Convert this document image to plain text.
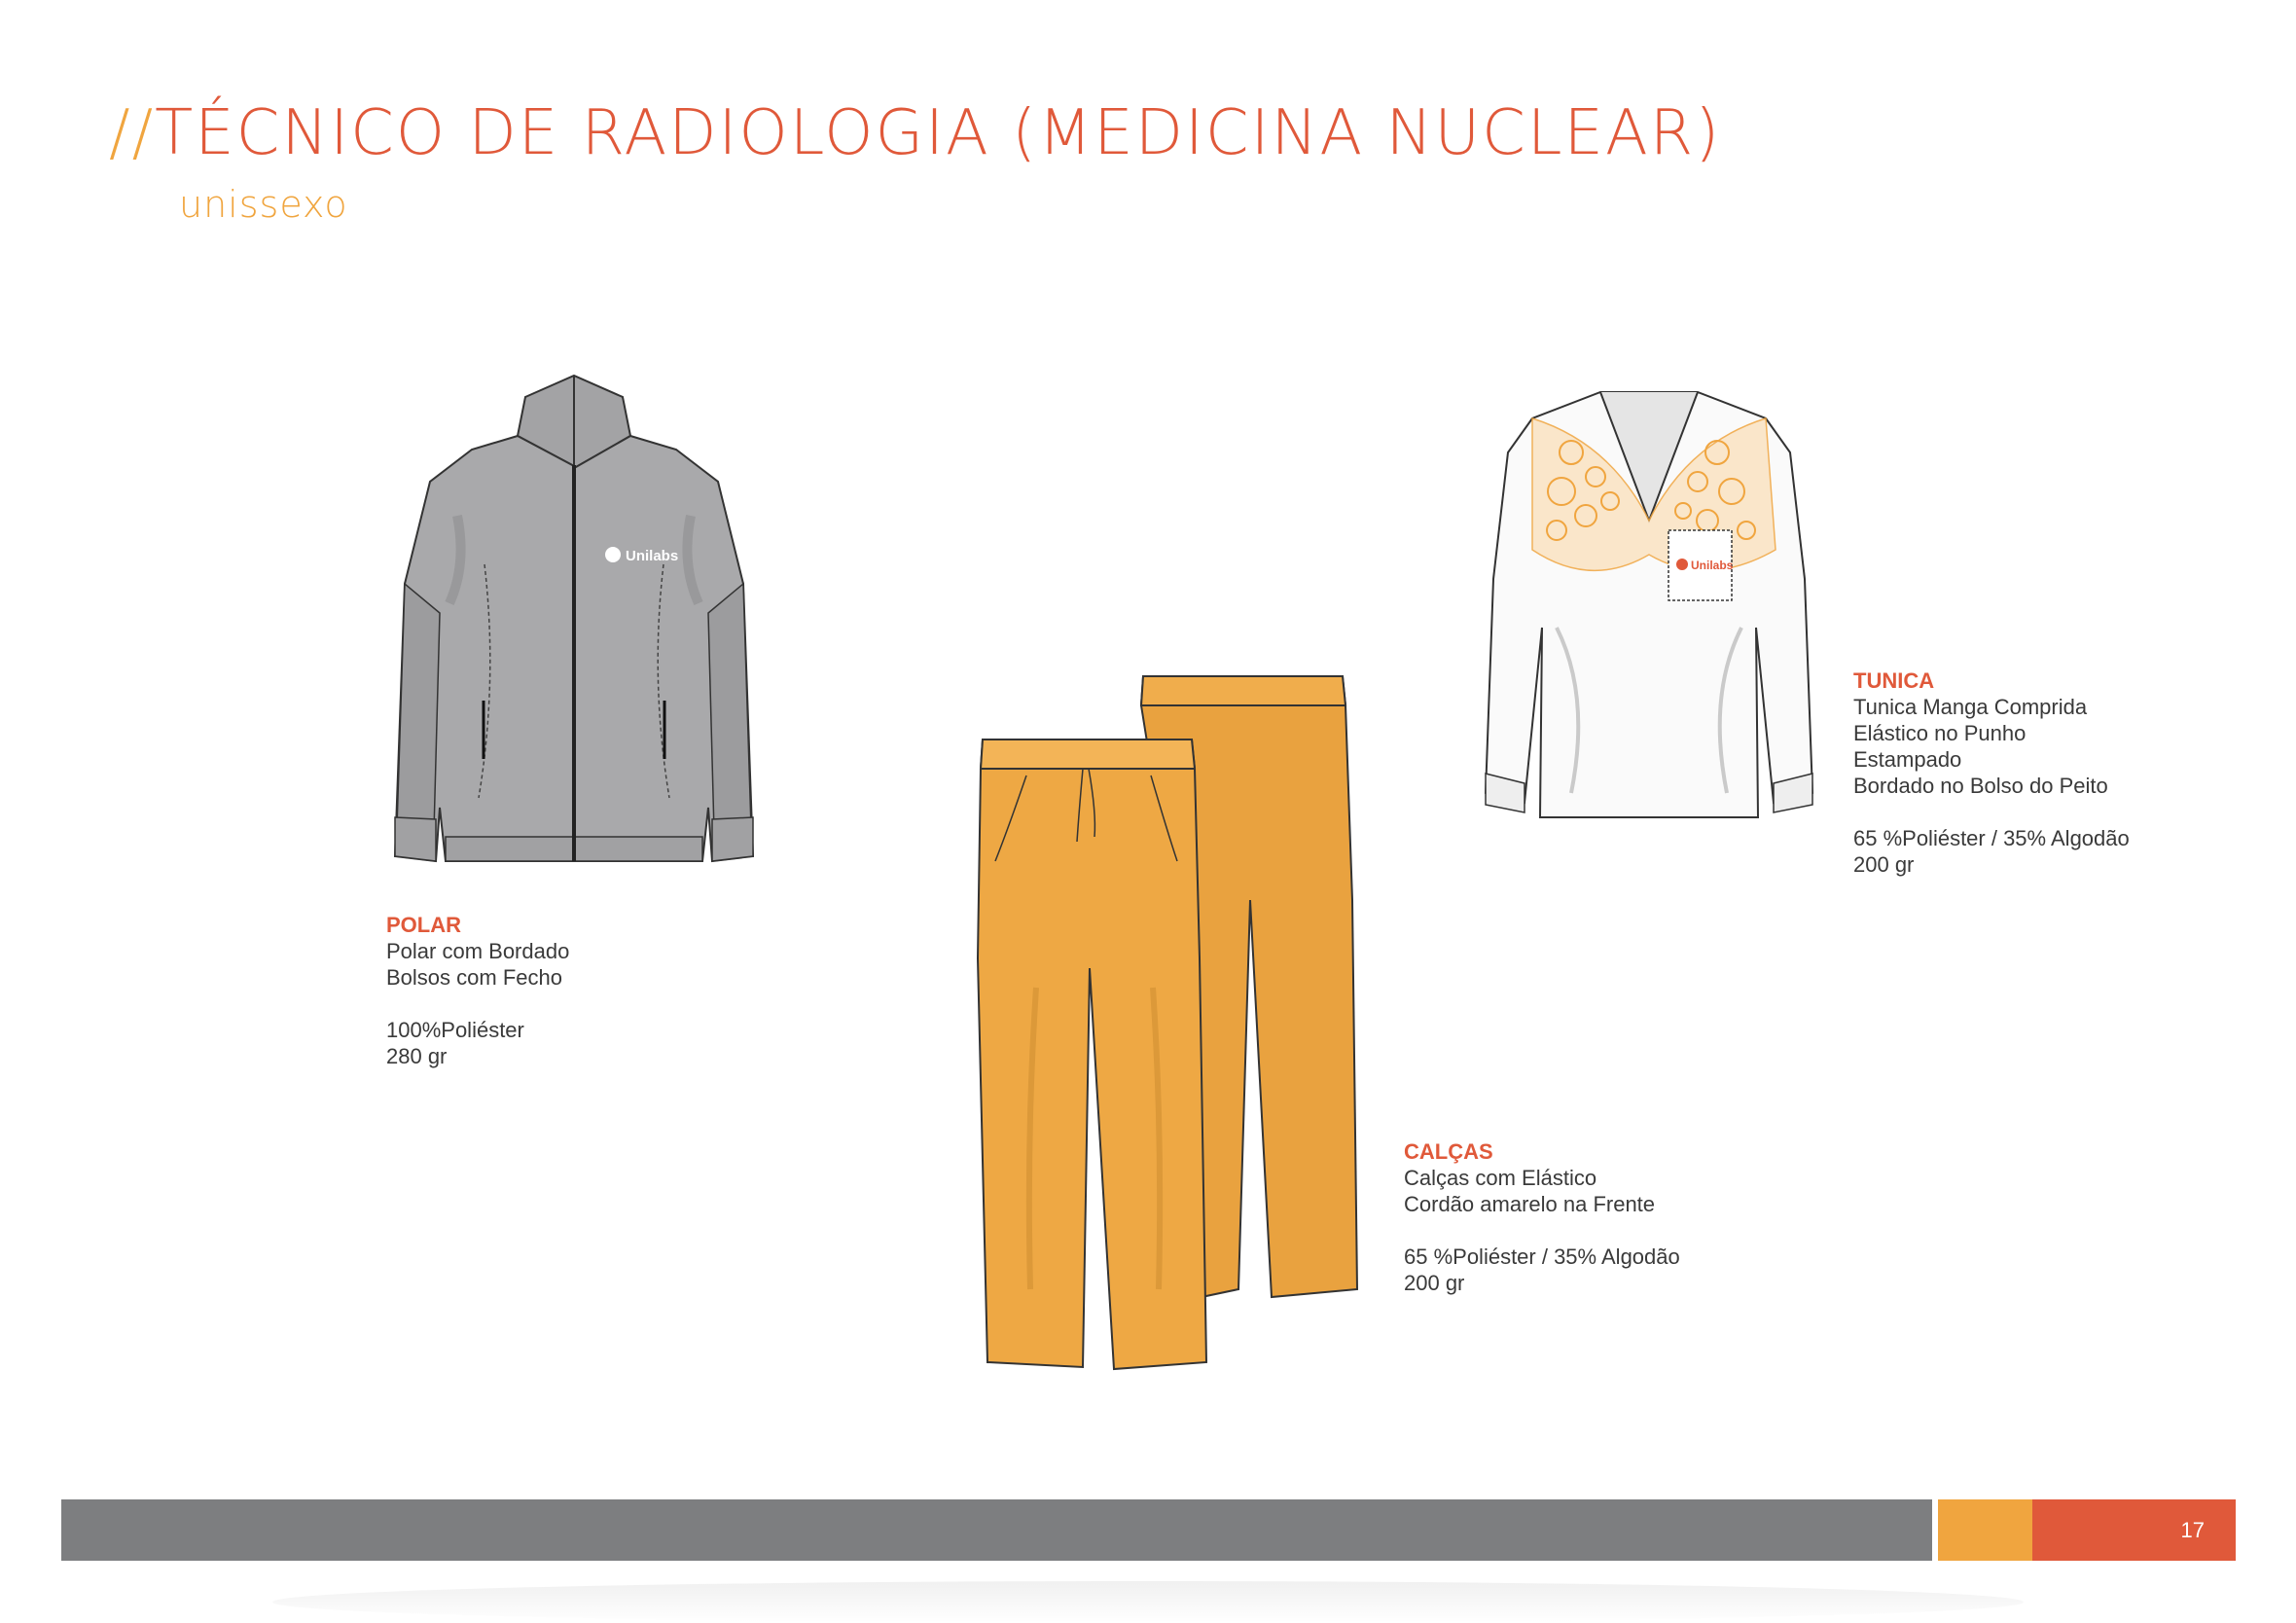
//TÉCNICO DE RADIOLOGIA (MEDICINA NUCLEAR)
unissexo
Unilabs
POLAR
Polar com Bordado
Bolsos com Fecho
100%Poliéster
280 gr
CALÇAS
Calças com Elástico
Cordão amarelo na Frente
65 %Poliéster / 35% Algodão
200 gr
Unilabs
TUNICA
Tunica Manga Comprida
Elástico no Punho
Estampado
Bordado no Bolso do Peito
65 %Poliéster / 35% Algodão
200 gr
17
